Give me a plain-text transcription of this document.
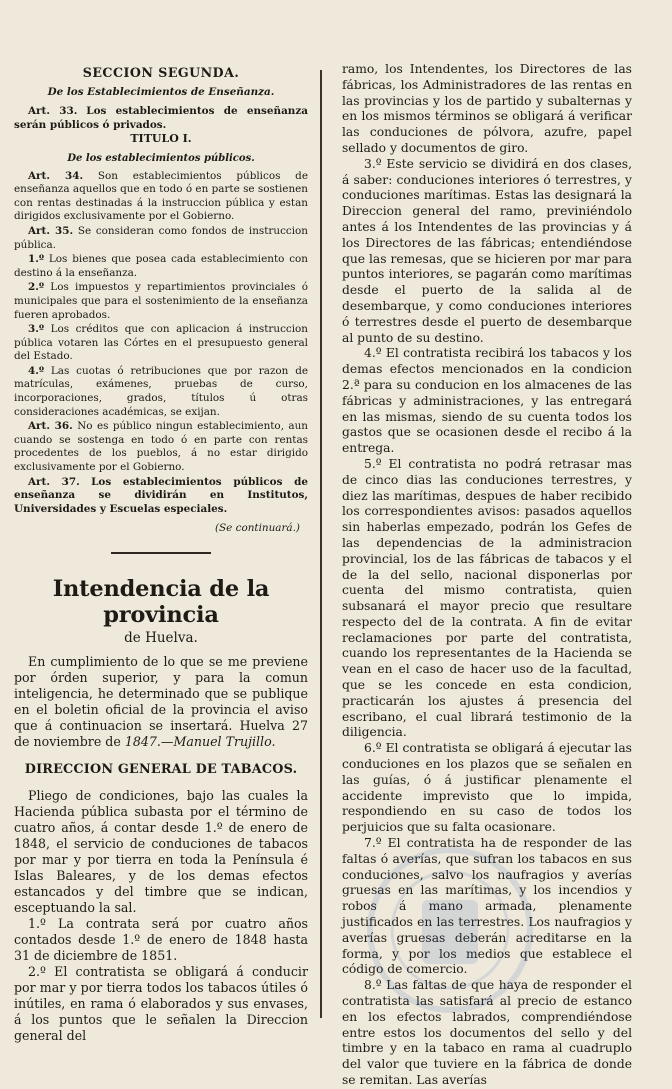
SECCION SEGUNDA.

De los Establecimientos de Enseñanza.

Art. 33. Los establecimientos de enseñanza serán públicos ó privados.

TITULO I.

De los establecimientos públicos.

Art. 34. Son establecimientos públicos de enseñanza aquellos que en todo ó en parte se sostienen con rentas destinadas á la instruccion pública y estan dirigidos exclusivamente por el Gobierno.

Art. 35. Se consideran como fondos de instruccion pública.

1.º Los bienes que posea cada establecimiento con destino á la enseñanza.

2.º Los impuestos y repartimientos provinciales ó municipales que para el sostenimiento de la enseñanza fueren aprobados.

3.º Los créditos que con aplicacion á instruccion pública votaren las Córtes en el presupuesto general del Estado.

4.º Las cuotas ó retribuciones que por razon de matrículas, exámenes, pruebas de curso, incorporaciones, grados, títulos ú otras consideraciones académicas, se exijan.

Art. 36. No es público ningun establecimiento, aun cuando se sostenga en todo ó en parte con rentas procedentes de los pueblos, á no estar dirigido exclusivamente por el Gobierno.

Art. 37. Los establecimientos públicos de enseñanza se dividirán en Institutos, Universidades y Escuelas especiales.

(Se continuará.)

Intendencia de la provincia

de Huelva.

En cumplimiento de lo que se me previene por órden superior, y para la comun inteligencia, he determinado que se publique en el boletin oficial de la provincia el aviso que á continuacion se insertará. Huelva 27 de noviembre de 1847.—Manuel Trujillo.

DIRECCION GENERAL DE TABACOS.

Pliego de condiciones, bajo las cuales la Hacienda pública subasta por el término de cuatro años, á contar desde 1.º de enero de 1848, el servicio de conduciones de tabacos por mar y por tierra en toda la Península é Islas Baleares, y de los demas efectos estancados y del timbre que se indican, esceptuando la sal.

1.º La contrata será por cuatro años contados desde 1.º de enero de 1848 hasta 31 de diciembre de 1851.

2.º El contratista se obligará á conducir por mar y por tierra todos los tabacos útiles ó inútiles, en rama ó elaborados y sus envases, á los puntos que le señalen la Direccion general del

ramo, los Intendentes, los Directores de las fábricas, los Administradores de las rentas en las provincias y los de partido y subalternas y en los mismos términos se obligará á verificar las conduciones de pólvora, azufre, papel sellado y documentos de giro.

3.º Este servicio se dividirá en dos clases, á saber: conduciones interiores ó terrestres, y conduciones marítimas. Estas las designará la Direccion general del ramo, previniéndolo antes á los Intendentes de las provincias y á los Directores de las fábricas; entendiéndose que las remesas, que se hicieren por mar para puntos interiores, se pagarán como marítimas desde el puerto de la salida al de desembarque, y como conduciones interiores ó terrestres desde el puerto de desembarque al punto de su destino.

4.º El contratista recibirá los tabacos y los demas efectos mencionados en la condicion 2.ª para su conducion en los almacenes de las fábricas y administraciones, y las entregará en las mismas, siendo de su cuenta todos los gastos que se ocasionen desde el recibo á la entrega.

5.º El contratista no podrá retrasar mas de cinco dias las conduciones terrestres, y diez las marítimas, despues de haber recibido los correspondientes avisos: pasados aquellos sin haberlas empezado, podrán los Gefes de las dependencias de la administracion provincial, los de las fábricas de tabacos y el de la del sello, nacional disponerlas por cuenta del mismo contratista, quien subsanará el mayor precio que resultare respecto del de la contrata. A fin de evitar reclamaciones por parte del contratista, cuando los representantes de la Hacienda se vean en el caso de hacer uso de la facultad, que se les concede en esta condicion, practicarán los ajustes á presencia del escribano, el cual librará testimonio de la diligencia.

6.º El contratista se obligará á ejecutar las conduciones en los plazos que se señalen en las guías, ó á justificar plenamente el accidente imprevisto que lo impida, respondiendo en su caso de todos los perjuicios que su falta ocasionare.

7.º El contratista ha de responder de las faltas ó averías, que sufran los tabacos en sus conduciones, salvo los naufragios y averías gruesas en las marítimas, y los incendios y robos á mano armada, plenamente justificados en las terrestres. Los naufragios y averías gruesas deberán acreditarse en la forma, y por los medios que establece el código de comercio.

8.º Las faltas de que haya de responder el contratista las satisfará al precio de estanco en los efectos labrados, comprendiéndose entre estos los documentos del sello y del timbre y en la tabaco en rama al cuadruplo del valor que tuviere en la fábrica de donde se remitan. Las averías
